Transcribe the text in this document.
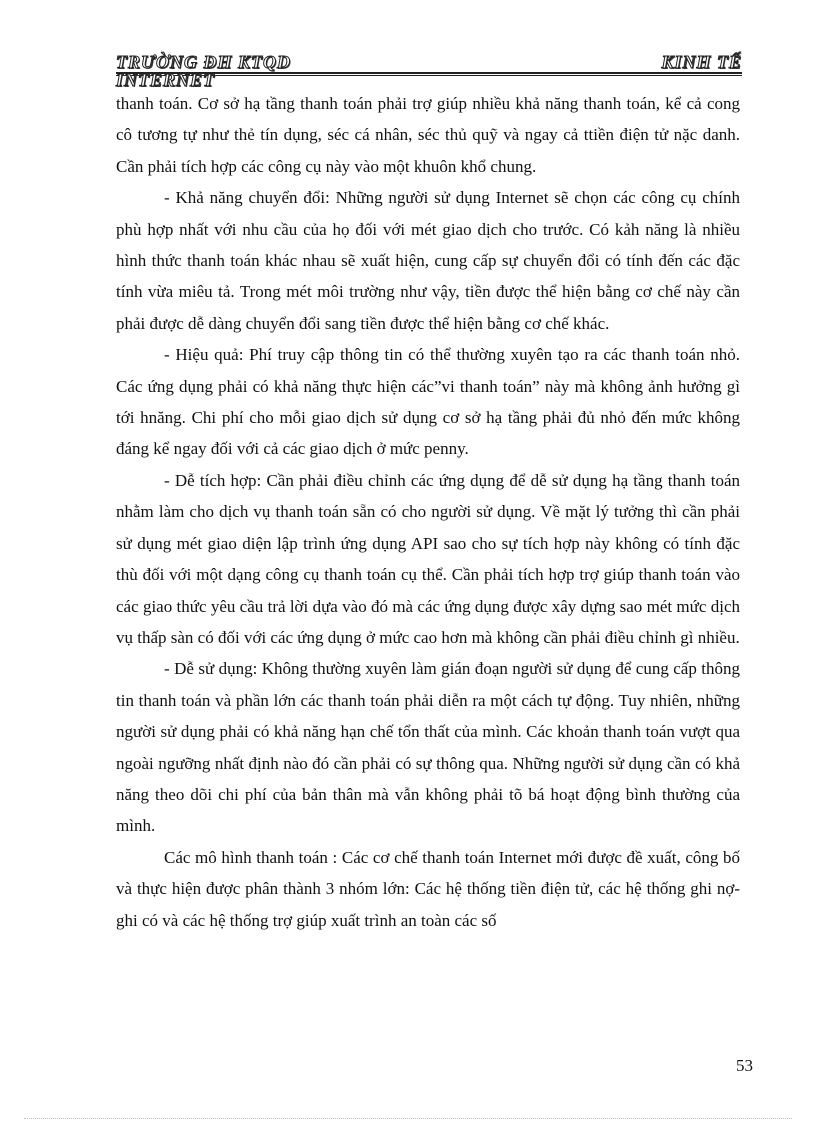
TRƯỜNG ĐH KTQD	KINH TẾ
INTERNET

thanh toán. Cơ sở hạ tầng thanh toán phải trợ giúp nhiều khả năng thanh toán, kể cả cong cô tương tự như thẻ tín dụng, séc cá nhân, séc thủ quỹ và ngay cả ttiền điện tử nặc danh. Cần phải tích hợp các công cụ này vào một khuôn khổ chung.

- Khả năng chuyển đổi: Những người sử dụng Internet sẽ chọn các công cụ chính phù hợp nhất với nhu cầu của họ đối với mét giao dịch cho trước. Có kảh năng là nhiều hình thức thanh toán khác nhau sẽ xuất hiện, cung cấp sự chuyển đổi có tính đến các đặc tính vừa miêu tả. Trong mét môi trường như vậy, tiền được thể hiện bằng cơ chế này cần phải được dễ dàng chuyển đổi sang tiền được thể hiện bằng cơ chế khác.

- Hiệu quả: Phí truy cập thông tin có thể thường xuyên tạo ra các thanh toán nhỏ. Các ứng dụng phải có khả năng thực hiện các”vi thanh toán” này mà không ảnh hưởng gì tới hnăng. Chi phí cho mỗi giao dịch sử dụng cơ sở hạ tầng phải đủ nhỏ đến mức không đáng kể ngay đối với cả các giao dịch ở mức penny.

- Dễ tích hợp: Cần phải điều chỉnh các ứng dụng để dễ sử dụng hạ tầng thanh toán nhằm làm cho dịch vụ thanh toán sẵn có cho người sử dụng. Về mặt lý tưởng thì cần phải sử dụng mét giao diện lập trình ứng dụng API sao cho sự tích hợp này không có tính đặc thù đối với một dạng công cụ thanh toán cụ thể. Cần phải tích hợp trợ giúp thanh toán vào các giao thức yêu cầu trả lời dựa vào đó mà các ứng dụng được xây dựng sao mét mức dịch vụ thấp sàn có đối với các ứng dụng ở mức cao hơn mà không cần phải điều chỉnh gì nhiều.

- Dễ sử dụng: Không thường xuyên làm gián đoạn người sử dụng để cung cấp thông tin thanh toán và phần lớn các thanh toán phải diễn ra một cách tự động. Tuy nhiên, những người sử dụng phải có khả năng hạn chế tổn thất của mình. Các khoản thanh toán vượt qua ngoài ngưỡng nhất định nào đó cần phải có sự thông qua. Những người sử dụng cần có khả năng theo dõi chi phí của bản thân mà vẫn không phải tõ bá hoạt động bình thường của mình.

Các mô hình thanh toán : Các cơ chế thanh toán Internet mới được đề xuất, công bố và thực hiện được phân thành 3 nhóm lớn: Các hệ thống tiền điện tử, các hệ thống ghi nợ- ghi có và các hệ thống trợ giúp xuất trình an toàn các số

53
